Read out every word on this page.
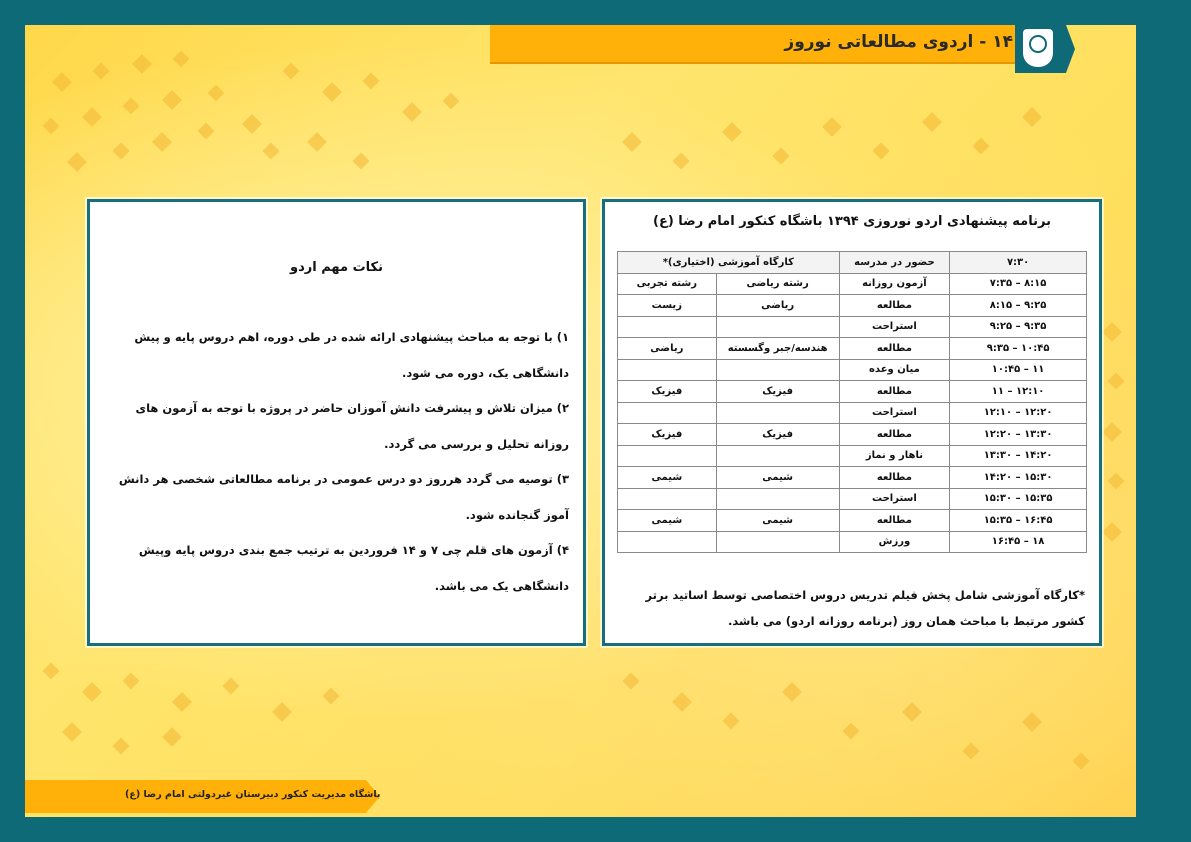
۱۴ - اردوی مطالعاتی نوروز
برنامه پیشنهادی اردو نوروزی ۱۳۹۴ باشگاه کنکور امام رضا (ع)
۷:۳۰	حضور در مدرسه	کارگاه آموزشی (اختیاری)*	
۸:۱۵ – ۷:۳۵	آزمون روزانه	رشته ریاضی	رشته تجربی
۹:۲۵ – ۸:۱۵	مطالعه	ریاضی	زیست
۹:۳۵ – ۹:۲۵	استراحت		
۱۰:۴۵ – ۹:۳۵	مطالعه	هندسه/جبر وگسسته	ریاضی
۱۱ – ۱۰:۴۵	میان وعده		
۱۲:۱۰ – ۱۱	مطالعه	فیزیک	فیزیک
۱۲:۲۰ – ۱۲:۱۰	استراحت		
۱۳:۳۰ – ۱۲:۲۰	مطالعه	فیزیک	فیزیک
۱۴:۲۰ – ۱۳:۳۰	ناهار و نماز		
۱۵:۳۰ – ۱۴:۲۰	مطالعه	شیمی	شیمی
۱۵:۳۵ – ۱۵:۳۰	استراحت		
۱۶:۴۵ – ۱۵:۳۵	مطالعه	شیمی	شیمی
۱۸ – ۱۶:۴۵	ورزش		
*کارگاه آموزشی شامل پخش فیلم تدریس دروس اختصاصی توسط اساتید برتر کشور مرتبط با مباحث همان روز (برنامه روزانه اردو) می باشد.
نکات مهم اردو

۱) با توجه به مباحث پیشنهادی ارائه شده در طی دوره، اهم دروس پایه و پیش دانشگاهی یک، دوره می شود.

۲) میزان تلاش و پیشرفت دانش آموزان حاضر در پروژه با توجه به آزمون های روزانه تحلیل و بررسی می گردد.

۳) توصیه می گردد هرروز دو درس عمومی در برنامه مطالعاتی شخصی هر دانش آموز گنجانده شود.

۴) آزمون های قلم چی ۷ و ۱۴ فروردین به ترتیب جمع بندی دروس پایه وپیش دانشگاهی یک می باشد.

باشگاه مدیریت کنکور دبیرستان غیردولتی امام رضا (ع)
